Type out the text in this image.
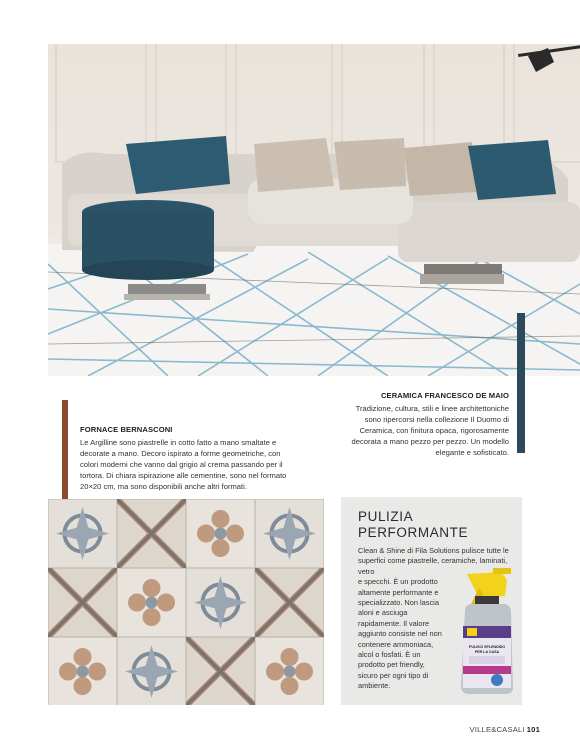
CERAMICA FRANCESCO DE MAIO

Tradizione, cultura, stili e linee architettoniche sono ripercorsi nella collezione Il Duomo di Ceramica, con finitura opaca, rigorosamente decorata a mano pezzo per pezzo. Un modello elegante e sofisticato.

FORNACE BERNASCONI

Le Argilline sono piastrelle in cotto fatto a mano smaltate e decorate a mano. Decoro ispirato a forme geometriche, con colori moderni che vanno dal grigio al crema passando per il tortora. Di chiara ispirazione alle cementine, sono nel formato 20×20 cm, ma sono disponibili anche altri formati.

PULIZIA
PERFORMANTE
Clean & Shine di Fila Solutions pulisce tutte le superfici come piastrelle, ceramiche, laminati, vetro
e specchi. È un prodotto altamente performante e specializzato. Non lascia aloni e asciuga rapidamente. Il valore aggiunto consiste nel non contenere ammoniaca, alcol o fosfati. È un prodotto pet friendly, sicuro per ogni tipo di ambiente.
PULISCI SPLENDIDO
PER LA CASA
VILLE&CASALI 101
